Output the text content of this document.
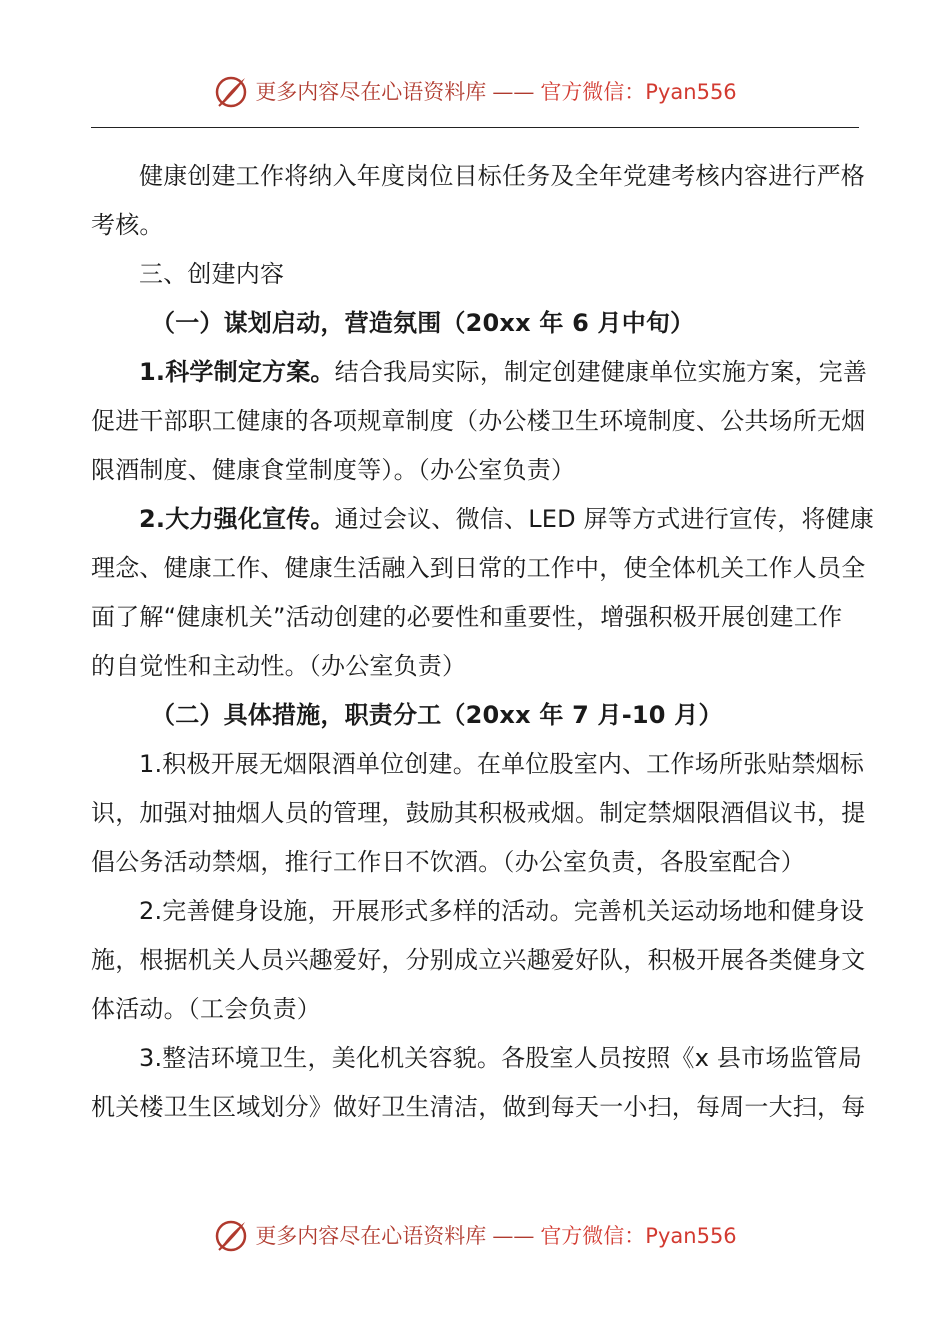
更多内容尽在心语资料库 —— 官方微信：Pyan556

健康创建工作将纳入年度岗位目标任务及全年党建考核内容进行严格

考核。

三、创建内容

（一）谋划启动，营造氛围（20xx 年 6 月中旬）

1.科学制定方案。结合我局实际，制定创建健康单位实施方案，完善

促进干部职工健康的各项规章制度（办公楼卫生环境制度、公共场所无烟

限酒制度、健康食堂制度等）。（办公室负责）

2.大力强化宣传。通过会议、微信、LED 屏等方式进行宣传，将健康

理念、健康工作、健康生活融入到日常的工作中，使全体机关工作人员全

面了解“健康机关”活动创建的必要性和重要性，增强积极开展创建工作

的自觉性和主动性。（办公室负责）

（二）具体措施，职责分工（20xx 年 7 月-10 月）

1.积极开展无烟限酒单位创建。在单位股室内、工作场所张贴禁烟标

识，加强对抽烟人员的管理，鼓励其积极戒烟。制定禁烟限酒倡议书，提

倡公务活动禁烟，推行工作日不饮酒。（办公室负责，各股室配合）

2.完善健身设施，开展形式多样的活动。完善机关运动场地和健身设

施，根据机关人员兴趣爱好，分别成立兴趣爱好队，积极开展各类健身文

体活动。（工会负责）

3.整洁环境卫生，美化机关容貌。各股室人员按照《x 县市场监管局

机关楼卫生区域划分》做好卫生清洁，做到每天一小扫，每周一大扫，每

更多内容尽在心语资料库 —— 官方微信：Pyan556
